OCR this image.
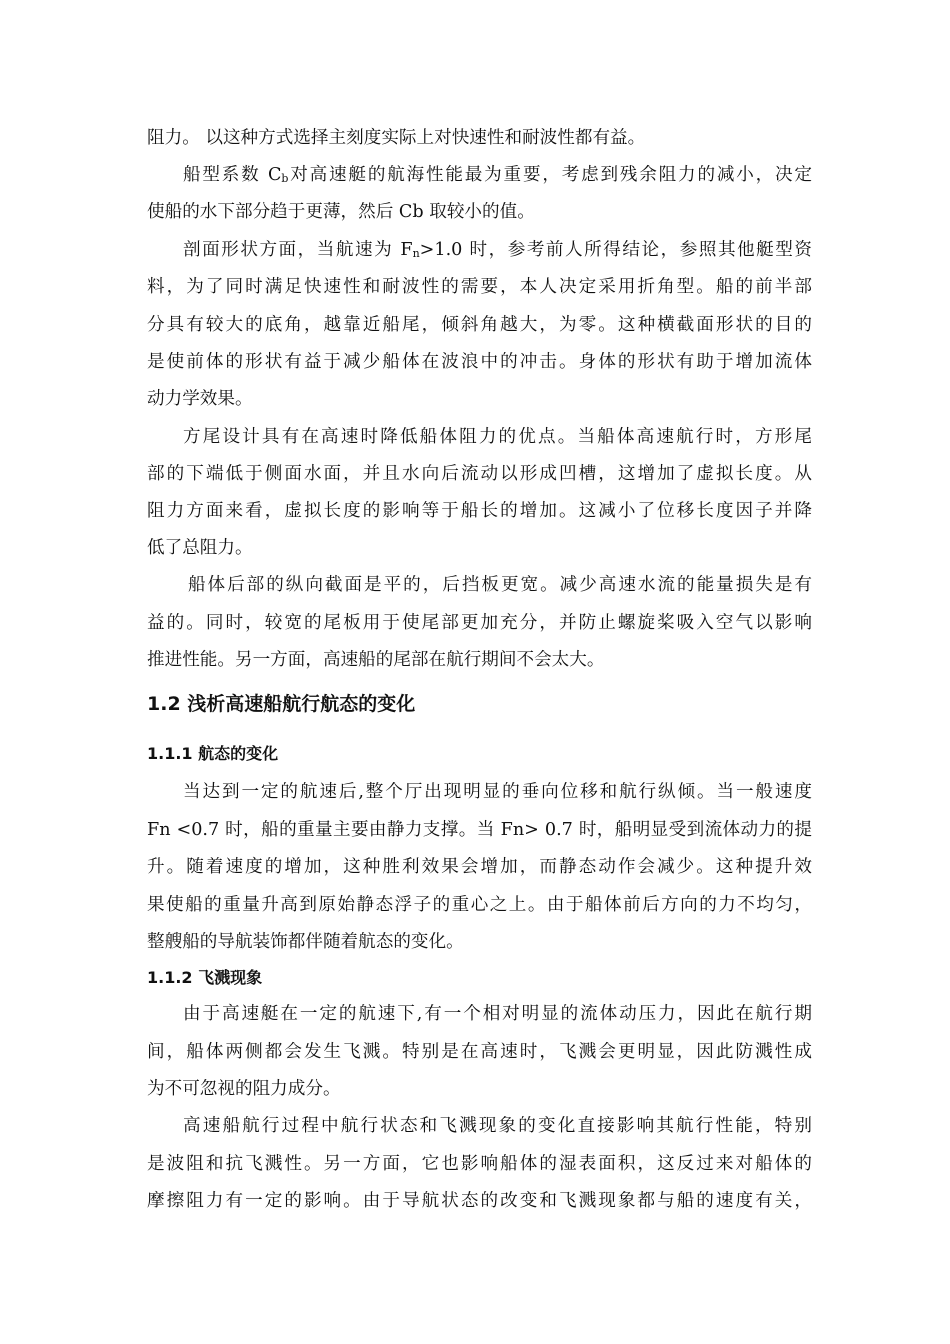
阻力。 以这种方式选择主刻度实际上对快速性和耐波性都有益。
船型系数 $C_b$对高速艇的航海性能最为重要，考虑到残余阻力的减小，决定
使船的水下部分趋于更薄，然后 Cb 取较小的值。
剖面形状方面，当航速为 $F_n>1.0$ 时，参考前人所得结论，参照其他艇型资
料，为了同时满足快速性和耐波性的需要，本人决定采用折角型。船的前半部
分具有较大的底角，越靠近船尾，倾斜角越大，为零。这种横截面形状的目的
是使前体的形状有益于减少船体在波浪中的冲击。身体的形状有助于增加流体
动力学效果。
方尾设计具有在高速时降低船体阻力的优点。当船体高速航行时，方形尾
部的下端低于侧面水面，并且水向后流动以形成凹槽，这增加了虚拟长度。从
阻力方面来看，虚拟长度的影响等于船长的增加。这减小了位移长度因子并降
低了总阻力。
船体后部的纵向截面是平的，后挡板更宽。减少高速水流的能量损失是有
益的。同时，较宽的尾板用于使尾部更加充分，并防止螺旋桨吸入空气以影响
推进性能。另一方面，高速船的尾部在航行期间不会太大。
1.2 浅析高速船航行航态的变化
1.1.1 航态的变化
当达到一定的航速后,整个厅出现明显的垂向位移和航行纵倾。当一般速度
Fn <0.7 时，船的重量主要由静力支撑。当 Fn> 0.7 时，船明显受到流体动力的提
升。随着速度的增加，这种胜利效果会增加，而静态动作会减少。这种提升效
果使船的重量升高到原始静态浮子的重心之上。由于船体前后方向的力不均匀，
整艘船的导航装饰都伴随着航态的变化。
1.1.2 飞溅现象
由于高速艇在一定的航速下,有一个相对明显的流体动压力，因此在航行期
间，船体两侧都会发生飞溅。特别是在高速时，飞溅会更明显，因此防溅性成
为不可忽视的阻力成分。
高速船航行过程中航行状态和飞溅现象的变化直接影响其航行性能，特别
是波阻和抗飞溅性。另一方面，它也影响船体的湿表面积，这反过来对船体的
摩擦阻力有一定的影响。由于导航状态的改变和飞溅现象都与船的速度有关，
